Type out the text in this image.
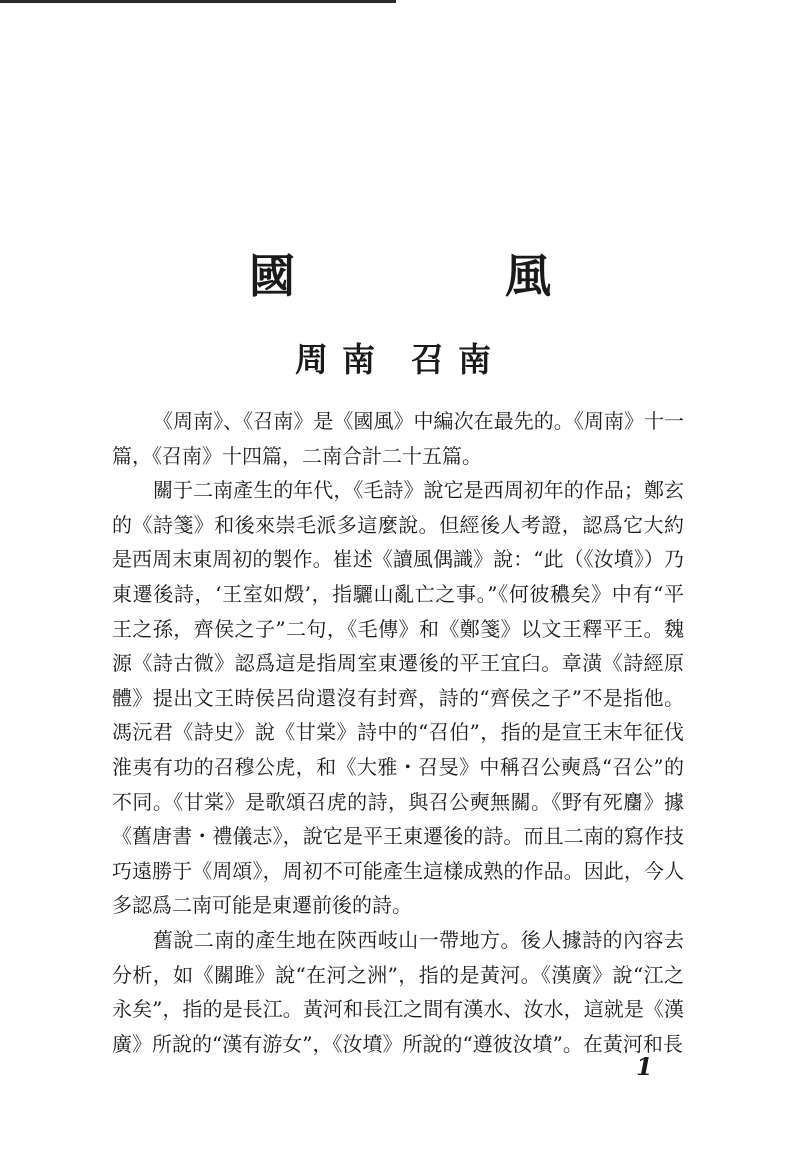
國　風
周南 召南

《周南》、《召南》是《國風》中編次在最先的。《周南》十一篇，《召南》十四篇，二南合計二十五篇。

關于二南產生的年代，《毛詩》說它是西周初年的作品；鄭玄的《詩箋》和後來崇毛派多這麼說。但經後人考證，認爲它大約是西周末東周初的製作。崔述《讀風偶識》說：“此（《汝墳》）乃東遷後詩，‘王室如燬’，指驪山亂亡之事。”《何彼穠矣》中有“平王之孫，齊侯之子”二句，《毛傳》和《鄭箋》以文王釋平王。魏源《詩古微》認爲這是指周室東遷後的平王宜臼。章潢《詩經原體》提出文王時侯呂尙還沒有封齊，詩的“齊侯之子”不是指他。馮沅君《詩史》說《甘棠》詩中的“召伯”，指的是宣王末年征伐淮夷有功的召穆公虎，和《大雅・召旻》中稱召公奭爲“召公”的不同。《甘棠》是歌頌召虎的詩，與召公奭無關。《野有死麕》據《舊唐書・禮儀志》，說它是平王東遷後的詩。而且二南的寫作技巧遠勝于《周頌》，周初不可能產生這樣成熟的作品。因此，今人多認爲二南可能是東遷前後的詩。

舊說二南的產生地在陝西岐山一帶地方。後人據詩的內容去分析，如《關雎》說“在河之洲”，指的是黃河。《漢廣》說“江之永矣”，指的是長江。黃河和長江之間有漢水、汝水，這就是《漢廣》所說的“漢有游女”，《汝墳》所說的“遵彼汝墳”。在黃河和長

1
